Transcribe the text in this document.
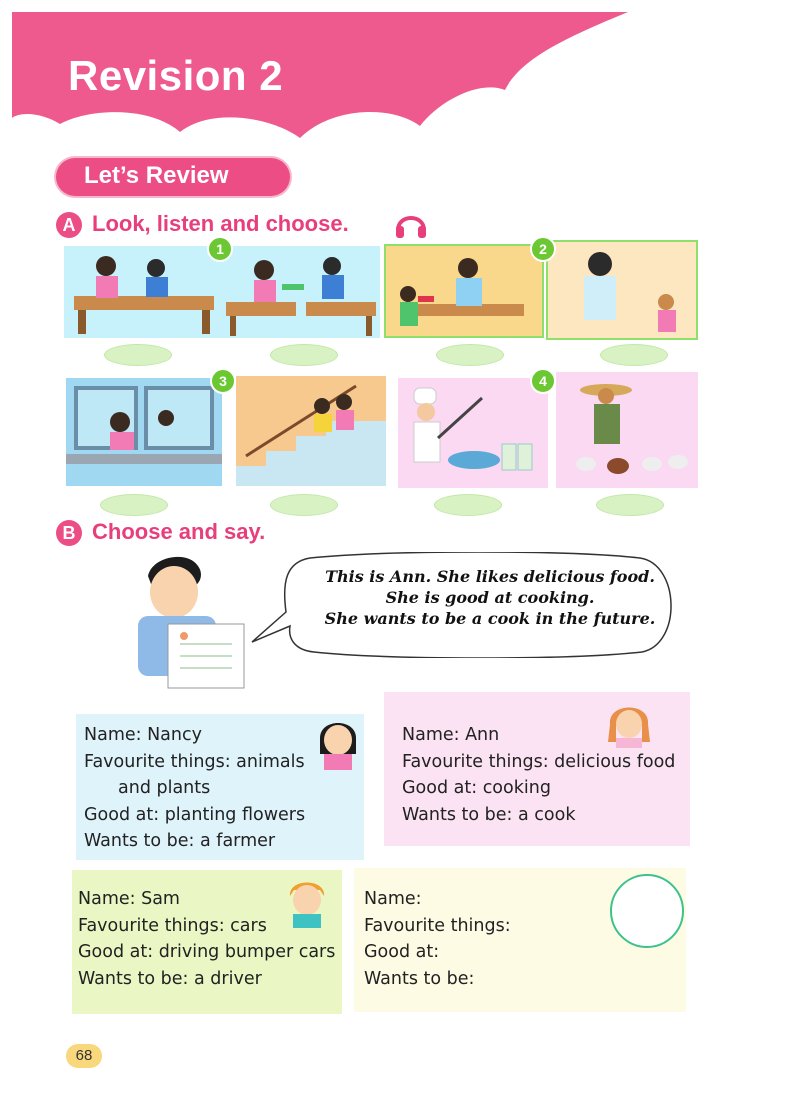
Revision 2
Let’s Review
A Look, listen and choose.
1	2
3	4
B Choose and say.
This is Ann. She likes delicious food.
She is good at cooking.
She wants to be a cook in the future.
Name: Nancy
Favourite things: animals
and plants
Good at: planting flowers
Wants to be: a farmer
Name: Ann
Favourite things: delicious food
Good at: cooking
Wants to be: a cook
Name: Sam
Favourite things: cars
Good at: driving bumper cars
Wants to be: a driver
Name:
Favourite things:
Good at:
Wants to be:
68
